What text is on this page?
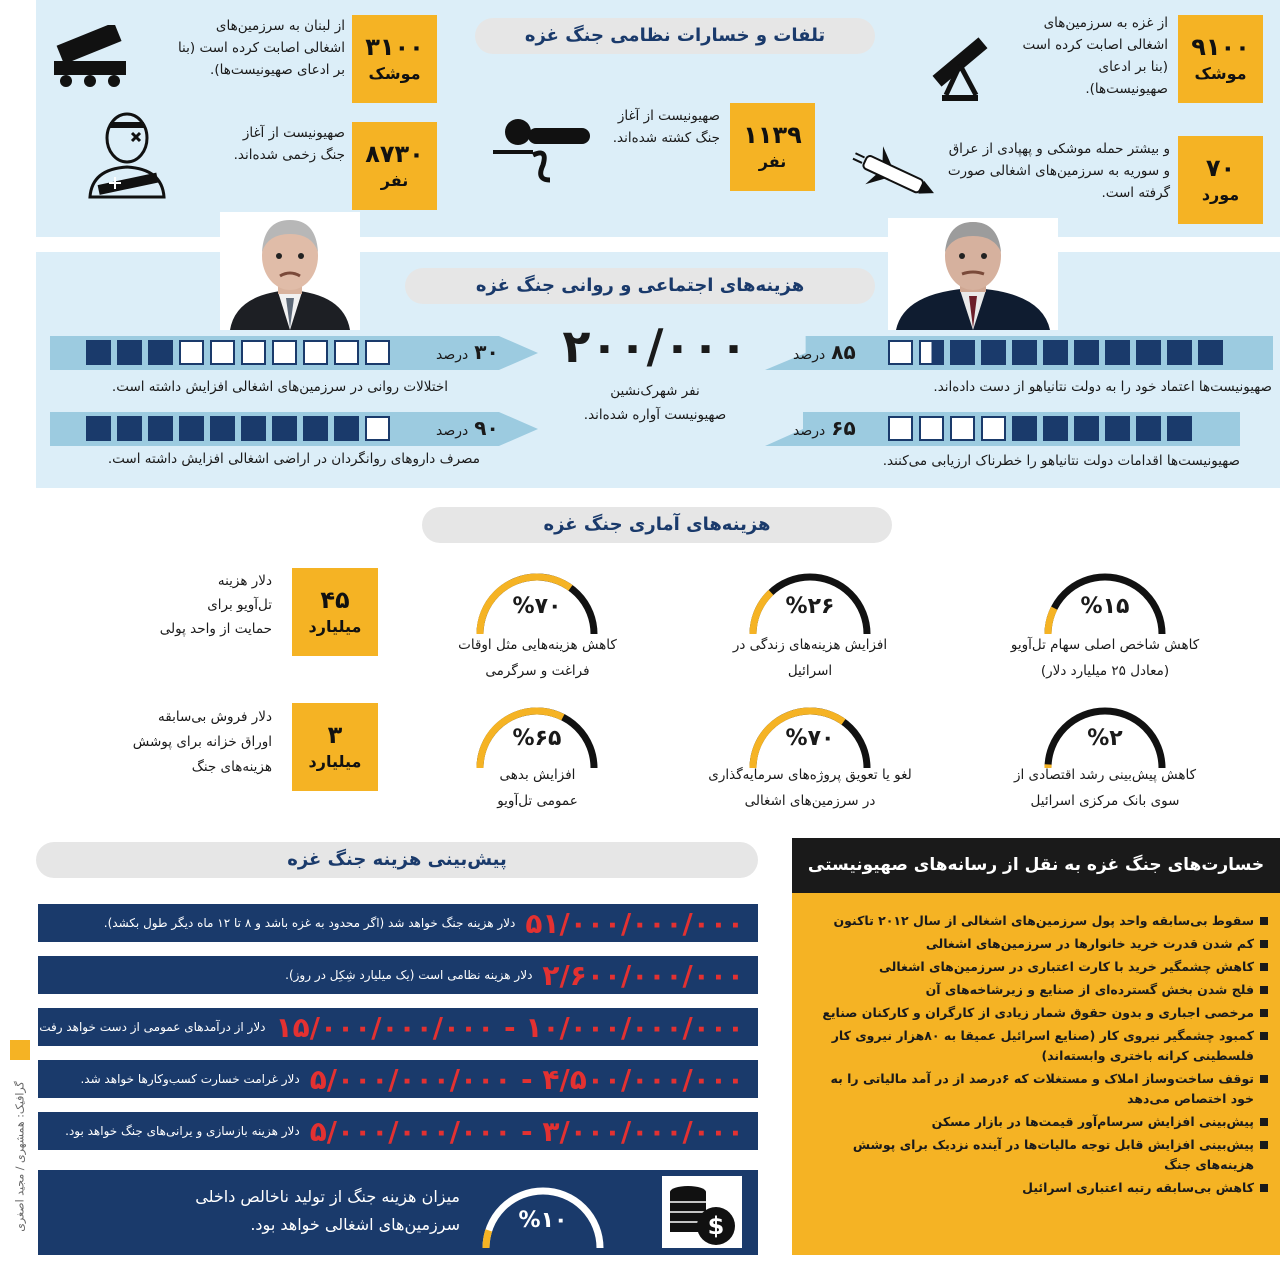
تلفات و خسارات نظامی جنگ غزه	۹۱۰۰
موشک
از غزه به سرزمین‌های اشغالی اصابت کرده است (بنا بر ادعای صهیونیست‌ها).
۷۰
مورد
و بیشتر حمله موشکی و پهپادی از عراق و سوریه به سرزمین‌های اشغالی صورت گرفته است.
۱۱۳۹
نفر
صهیونیست از آغاز جنگ کشته شده‌اند.
۳۱۰۰
موشک
از لبنان به سرزمین‌های اشغالی اصابت کرده است (بنا بر ادعای صهیونیست‌ها).
۸۷۳۰
نفر
صهیونیست از آغاز جنگ زخمی شده‌اند.
هزینه‌های اجتماعی و روانی جنگ غزه
۲۰۰/۰۰۰
نفر شهرک‌نشین
صهیونیست آواره شده‌اند.
۸۵درصد
صهیونیست‌ها اعتماد خود را به دولت نتانیاهو از دست داده‌اند.
۶۵درصد
صهیونیست‌ها اقدامات دولت نتانیاهو را خطرناک ارزیابی می‌کنند.
۳۰درصد
اختلالات روانی در سرزمین‌های اشغالی افزایش داشته است.
۹۰درصد
مصرف داروهای روانگردان در اراضی اشغالی افزایش داشته است.
هزینه‌های آماری جنگ غزه
%۱۵
کاهش شاخص اصلی سهام تل‌آویو
(معادل ۲۵ میلیارد دلار)
%۲۶
افزایش هزینه‌های زندگی در
اسرائیل
%۷۰
کاهش هزینه‌هایی مثل اوقات
فراغت و سرگرمی
%۲
کاهش پیش‌بینی رشد اقتصادی از
سوی بانک مرکزی اسرائیل
%۷۰
لغو یا تعویق پروژه‌های سرمایه‌گذاری
در سرزمین‌های اشغالی
%۶۵
افزایش بدهی
عمومی تل‌آویو
۴۵
میلیارد
دلار هزینه
تل‌آویو برای
حمایت از واحد پولی
۳
میلیارد
دلار فروش بی‌سابقه
اوراق خزانه برای پوشش
هزینه‌های جنگ
پیش‌بینی هزینه جنگ غزه
۵۱/۰۰۰/۰۰۰/۰۰۰
دلار هزینه جنگ خواهد شد (اگر محدود به غزه باشد و ۸ تا ۱۲ ماه دیگر طول بکشد).
۲/۶۰۰/۰۰۰/۰۰۰
دلار هزینه نظامی است (یک میلیارد شِکِل در روز).
۱۰/۰۰۰/۰۰۰/۰۰۰ - ۱۵/۰۰۰/۰۰۰/۰۰۰
دلار از درآمدهای عمومی از دست خواهد رفت.
۴/۵۰۰/۰۰۰/۰۰۰ - ۵/۰۰۰/۰۰۰/۰۰۰
دلار غرامت خسارت کسب‌وکارها خواهد شد.
۳/۰۰۰/۰۰۰/۰۰۰ - ۵/۰۰۰/۰۰۰/۰۰۰
دلار هزینه بازسازی و یرانی‌های جنگ خواهد بود.
$
%۱۰
میزان هزینه جنگ از تولید ناخالص داخلی
سرزمین‌های اشغالی خواهد بود.
خسارت‌های جنگ غزه به نقل از رسانه‌های صهیونیستی
سقوط بی‌سابقه واحد پول سرزمین‌های اشغالی از سال ۲۰۱۲ تاکنون
کم شدن قدرت خرید خانوارها در سرزمین‌های اشغالی
کاهش چشمگیر خرید با کارت اعتباری در سرزمین‌های اشغالی
فلج شدن بخش گسترده‌ای از صنایع و زیرشاخه‌های آن
مرخصی اجباری و بدون حقوق شمار زیادی از کارگران و کارکنان صنایع
کمبود چشمگیر نیروی کار (صنایع اسرائیل عمیقا به ۸۰هزار نیروی کار فلسطینی کرانه باختری وابسته‌اند)
توقف ساخت‌وساز املاک و مستغلات که ۶درصد از در آمد مالیاتی را به خود اختصاص می‌دهد
پیش‌بینی افزایش سرسام‌آور قیمت‌ها در بازار مسکن
پیش‌بینی افزایش قابل توجه مالیات‌ها در آینده نزدیک برای پوشش هزینه‌های جنگ
کاهش بی‌سابقه رتبه اعتباری اسرائیل
گرافیک: همشهری / مجید اصغری
